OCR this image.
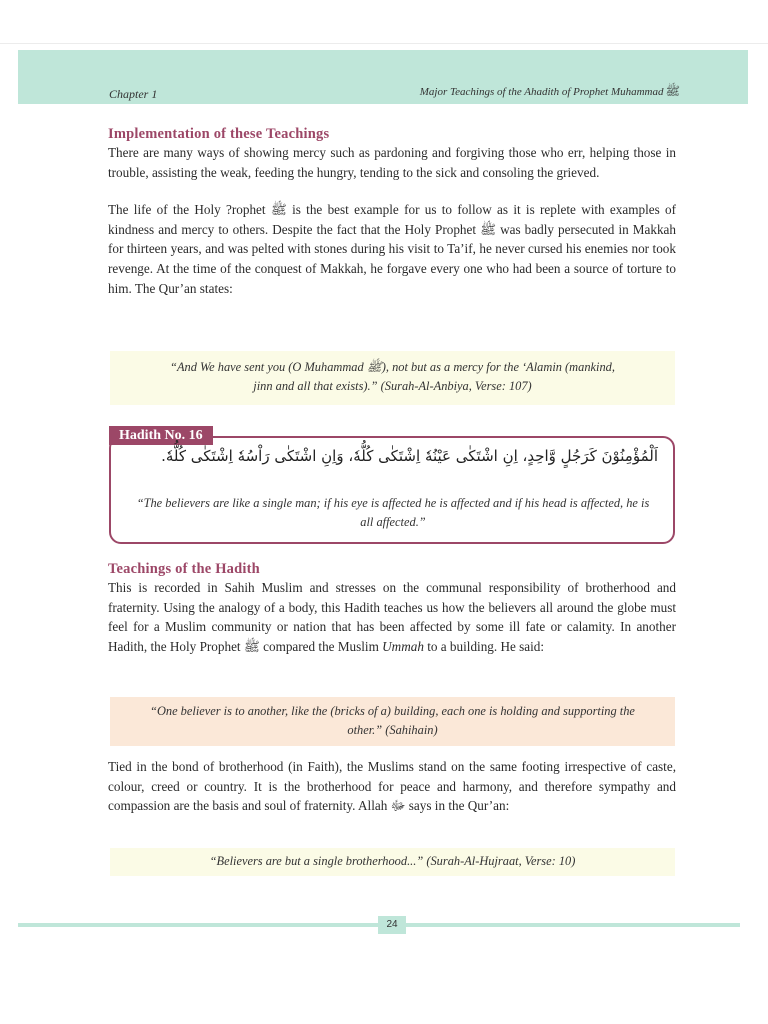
Chapter 1	Major Teachings of the Ahadith of Prophet Muhammad ﷺ
Implementation of these Teachings

There are many ways of showing mercy such as pardoning and forgiving those who err, helping those in trouble, assisting the weak, feeding the hungry, tending to the sick and consoling the grieved.

The life of the Holy ?rophet ﷺ is the best example for us to follow as it is replete with examples of kindness and mercy to others. Despite the fact that the Holy Prophet ﷺ was badly persecuted in Makkah for thirteen years, and was pelted with stones during his visit to Ta’if, he never cursed his enemies nor took revenge. At the time of the conquest of Makkah, he forgave every one who had been a source of torture to him. The Qur’an states:

“And We have sent you (O Muhammad ﷺ), not but as a mercy for the ‘Alamin (mankind, jinn and all that exists).” (Surah-Al-Anbiya, Verse: 107)
Hadith No. 16
اَلْمُؤْمِنُوْنَ كَرَجُلٍ وَّاحِدٍ، اِنِ اشْتَكٰى عَيْنُهٗ اِشْتَكٰى كُلُّهٗ، وَاِنِ اشْتَكٰى رَاْسُهٗ اِشْتَكٰى كُلُّهٗ.
“The believers are like a single man; if his eye is affected he is affected and if his head is affected, he is all affected.”
Teachings of the Hadith

This is recorded in Sahih Muslim and stresses on the communal responsibility of brotherhood and fraternity. Using the analogy of a body, this Hadith teaches us how the believers all around the globe must feel for a Muslim community or nation that has been affected by some ill fate or calamity. In another Hadith, the Holy Prophet ﷺ compared the Muslim Ummah to a building. He said:

“One believer is to another, like the (bricks of a) building, each one is holding and supporting the other.” (Sahihain)

Tied in the bond of brotherhood (in Faith), the Muslims stand on the same footing irrespective of caste, colour, creed or country. It is the brotherhood for peace and harmony, and therefore sympathy and compassion are the basis and soul of fraternity. Allah ﷻ says in the Qur’an:

“Believers are but a single brotherhood...” (Surah-Al-Hujraat, Verse: 10)
24
